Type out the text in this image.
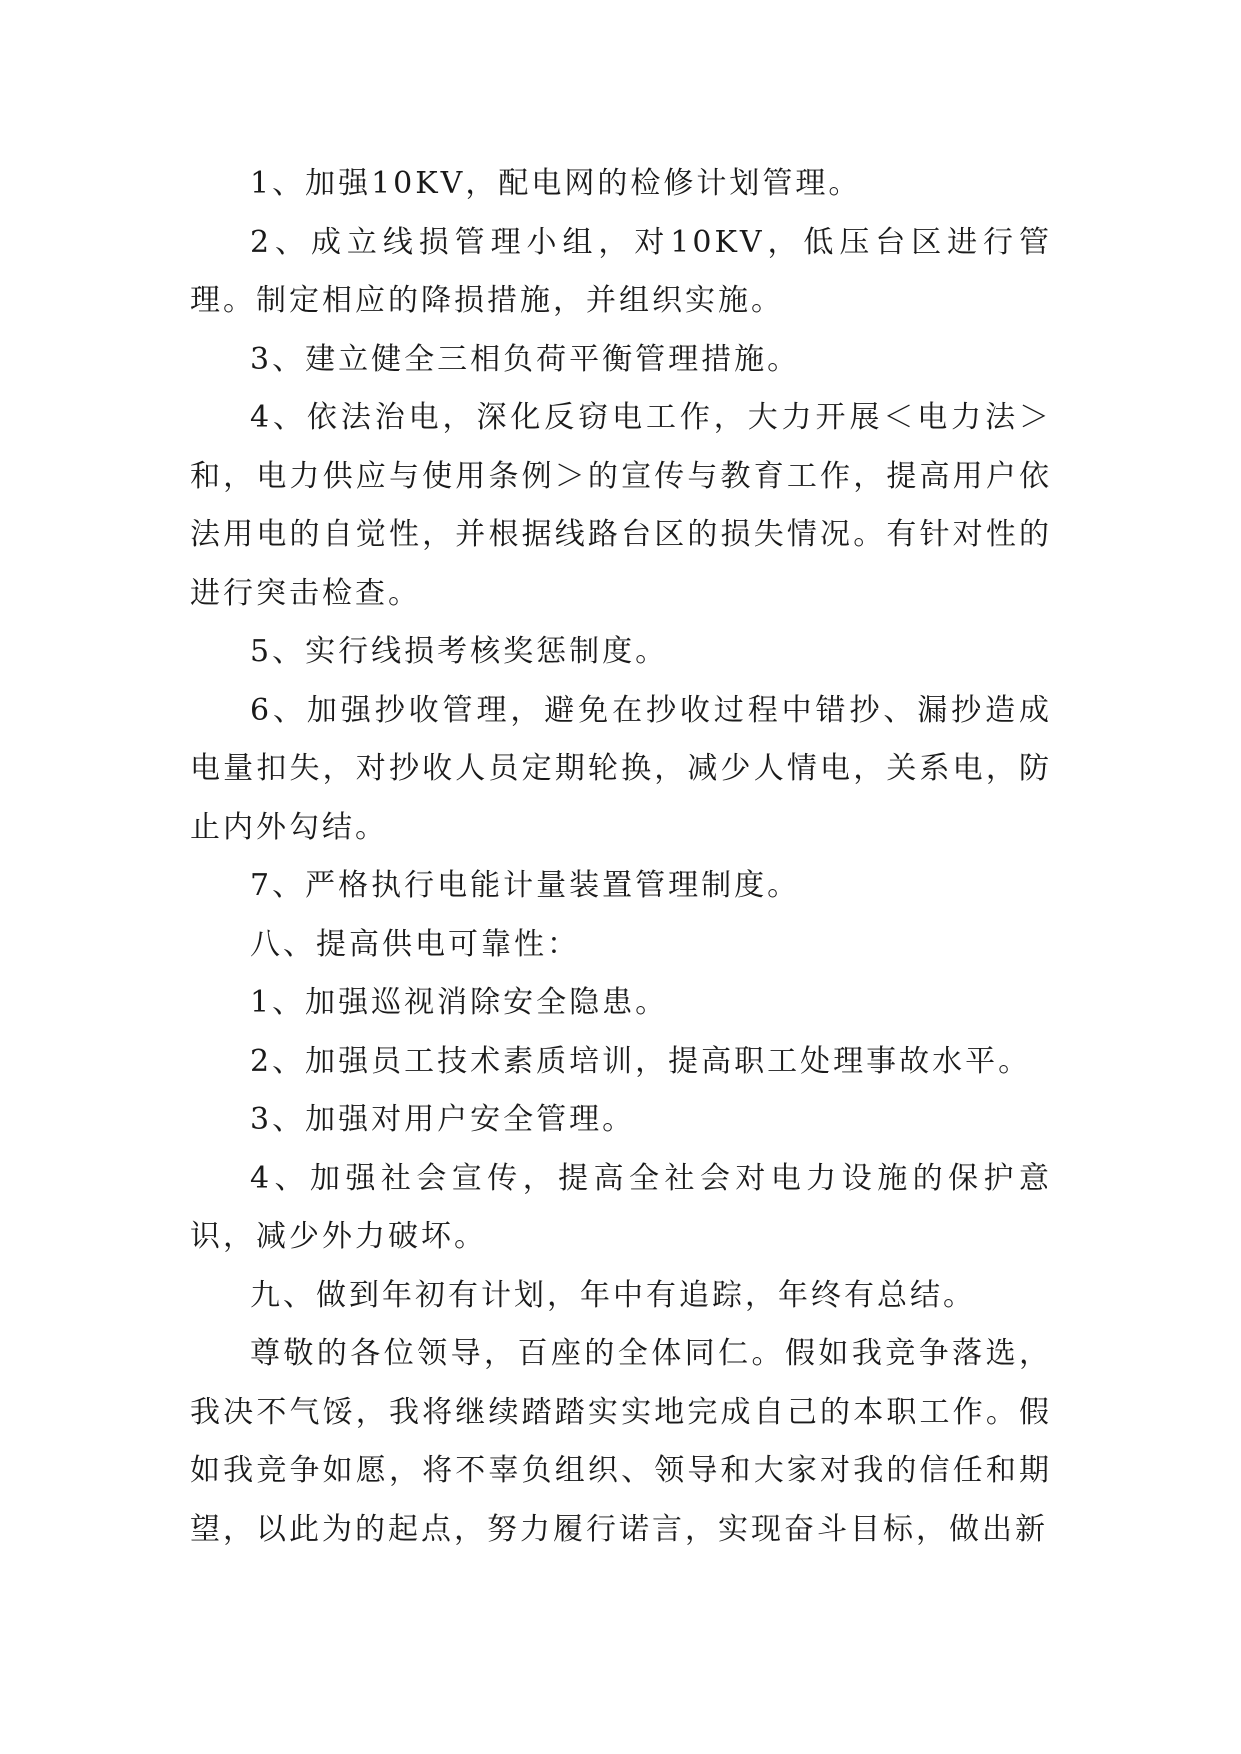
1、加强10KV，配电网的检修计划管理。

2、成立线损管理小组，对10KV，低压台区进行管理。制定相应的降损措施，并组织实施。

3、建立健全三相负荷平衡管理措施。

4、依法治电，深化反窃电工作，大力开展＜电力法＞和，电力供应与使用条例＞的宣传与教育工作，提高用户依法用电的自觉性，并根据线路台区的损失情况。有针对性的进行突击检查。

5、实行线损考核奖惩制度。

6、加强抄收管理，避免在抄收过程中错抄、漏抄造成电量扣失，对抄收人员定期轮换，减少人情电，关系电，防止内外勾结。

7、严格执行电能计量装置管理制度。

八、提高供电可靠性：

1、加强巡视消除安全隐患。

2、加强员工技术素质培训，提高职工处理事故水平。

3、加强对用户安全管理。

4、加强社会宣传，提高全社会对电力设施的保护意识，减少外力破坏。

九、做到年初有计划，年中有追踪，年终有总结。

尊敬的各位领导，百座的全体同仁。假如我竞争落选，我决不气馁，我将继续踏踏实实地完成自己的本职工作。假如我竞争如愿，将不辜负组织、领导和大家对我的信任和期望，以此为的起点，努力履行诺言，实现奋斗目标，做出新
